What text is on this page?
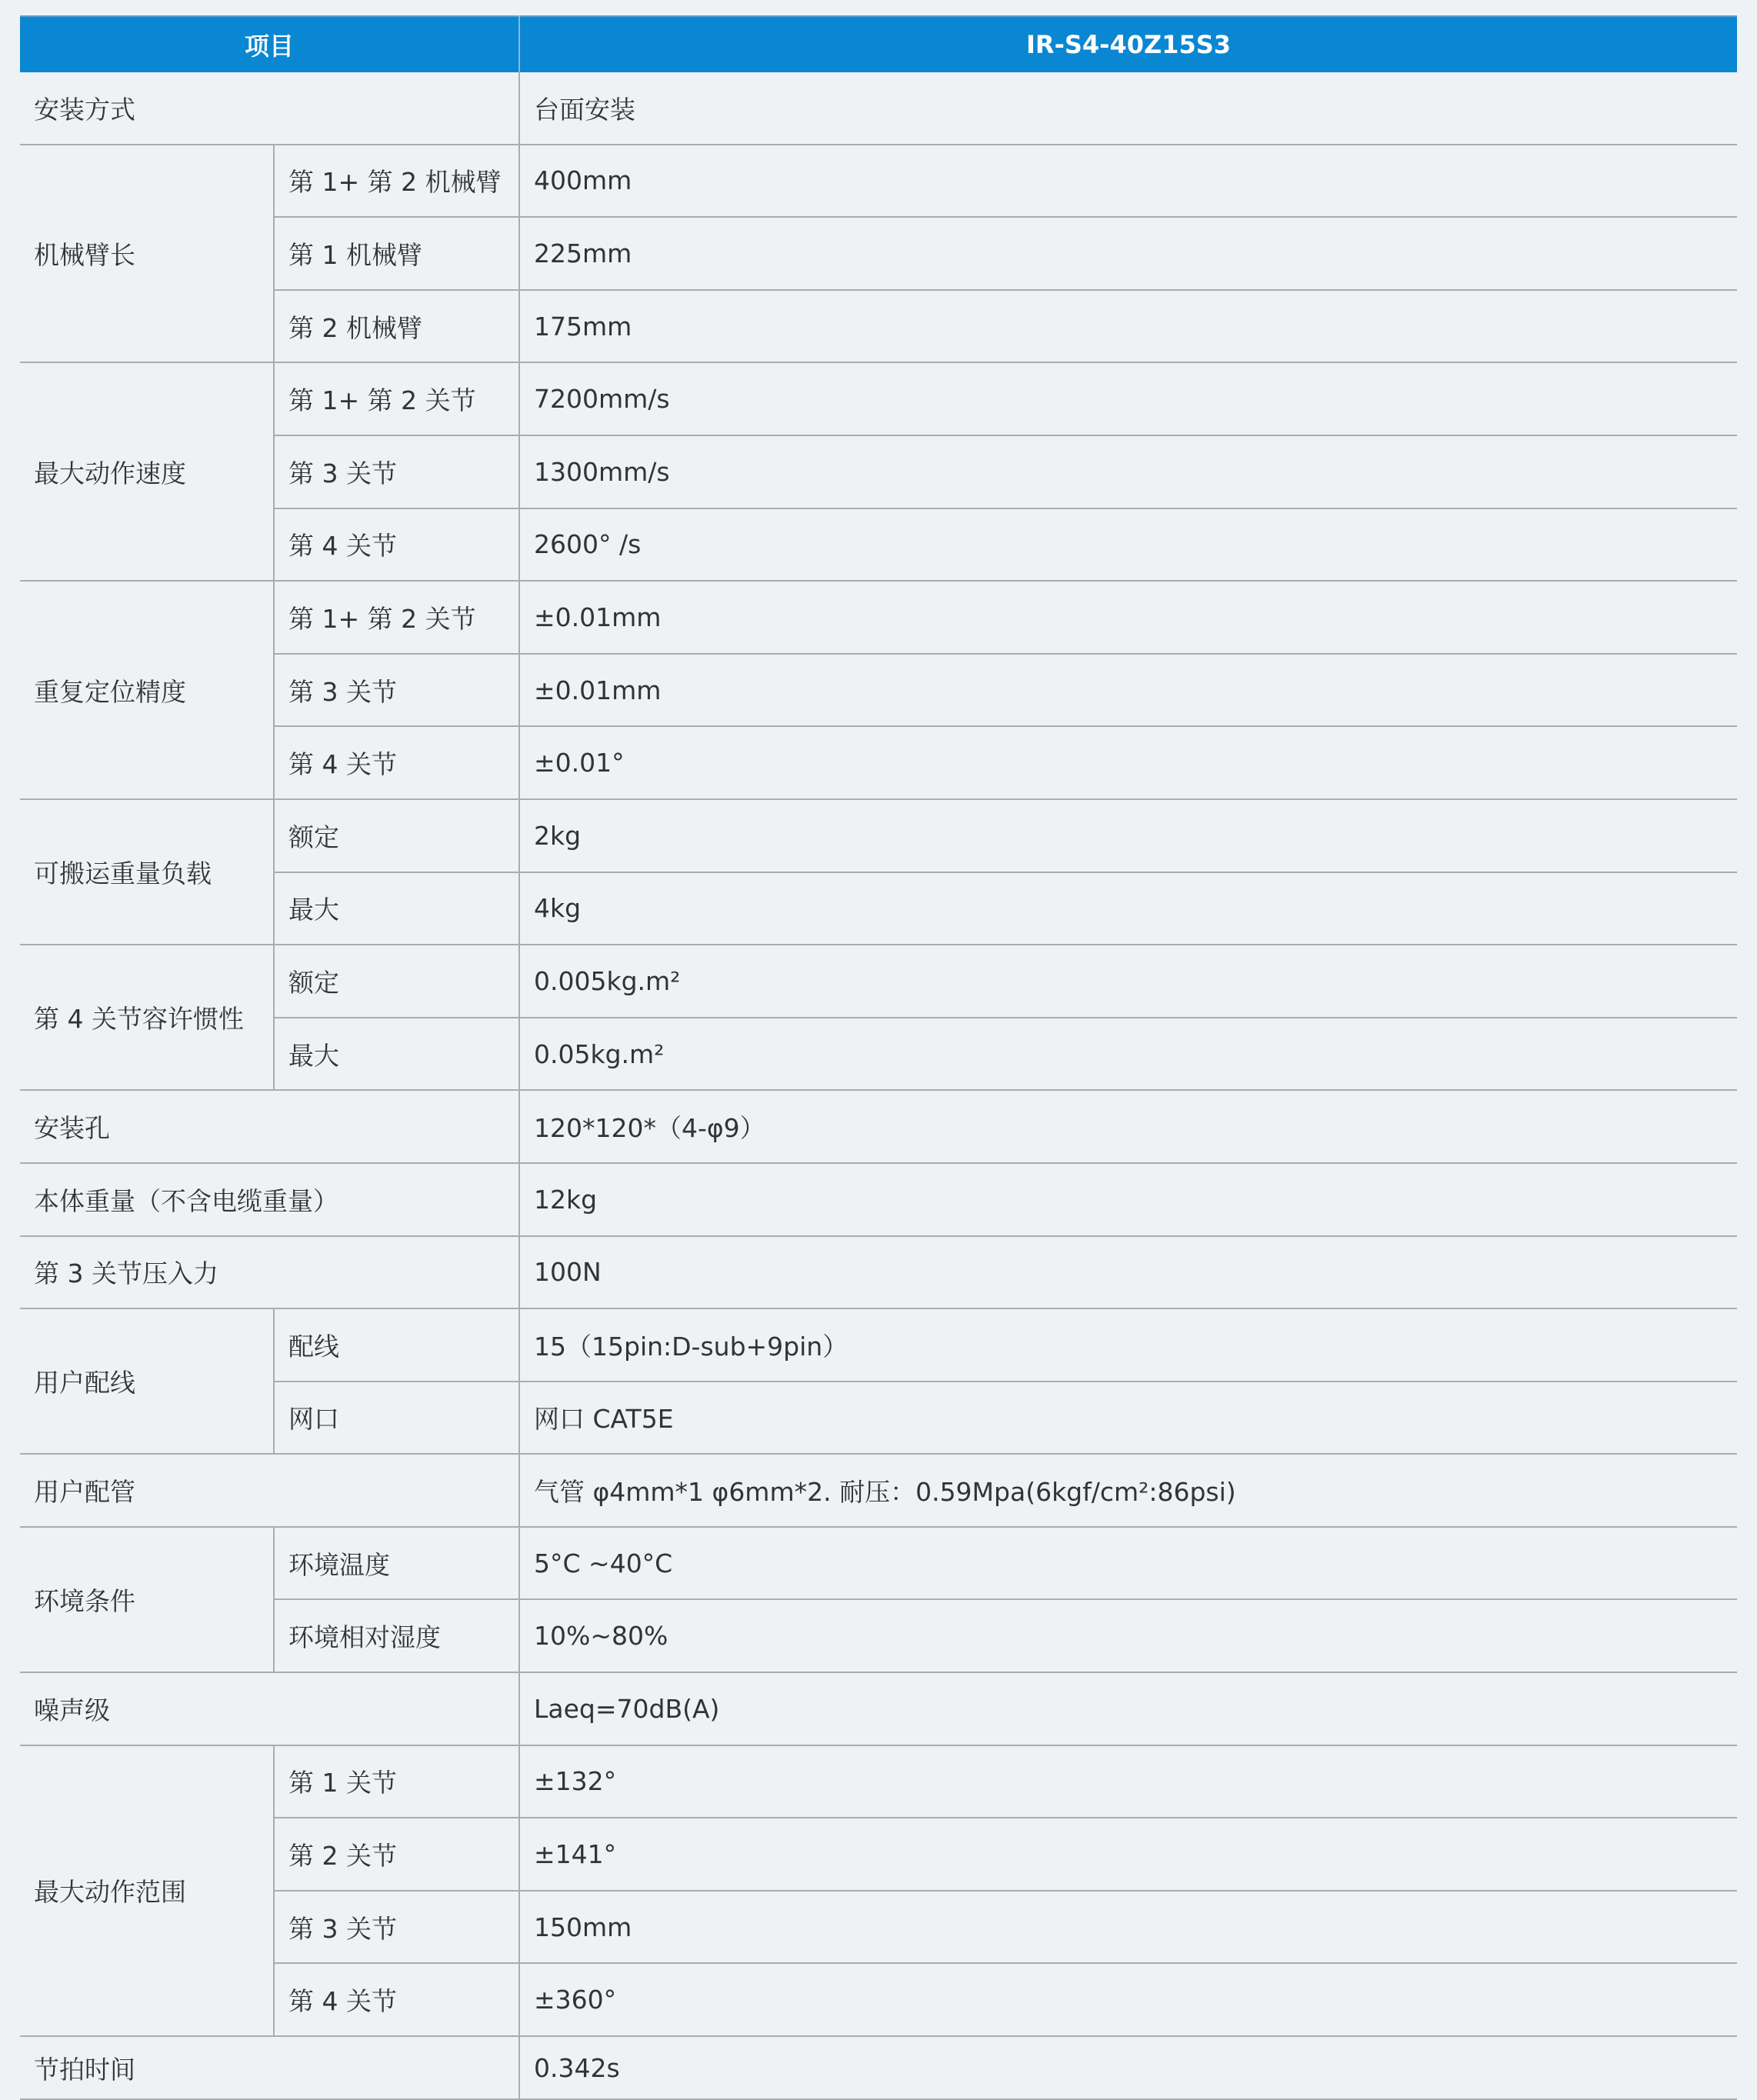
项目		IR-S4-40Z15S3
安装方式		台面安装
机械臂长	第 1+ 第 2 机械臂	400mm
	第 1 机械臂	225mm
	第 2 机械臂	175mm
最大动作速度	第 1+ 第 2 关节	7200mm/s
	第 3 关节	1300mm/s
	第 4 关节	2600° /s
重复定位精度	第 1+ 第 2 关节	±0.01mm
	第 3 关节	±0.01mm
	第 4 关节	±0.01°
可搬运重量负载	额定	2kg
	最大	4kg
第 4 关节容许惯性	额定	0.005kg.m²
	最大	0.05kg.m²
安装孔		120*120*（4-φ9）
本体重量（不含电缆重量）		12kg
第 3 关节压入力		100N
用户配线	配线	15（15pin:D-sub+9pin）
	网口	网口 CAT5E
用户配管		气管 φ4mm*1 φ6mm*2. 耐压：0.59Mpa(6kgf/cm²:86psi)
环境条件	环境温度	5°C ~40°C
	环境相对湿度	10%~80%
噪声级		Laeq=70dB(A)
最大动作范围	第 1 关节	±132°
	第 2 关节	±141°
	第 3 关节	150mm
	第 4 关节	±360°
节拍时间		0.342s
